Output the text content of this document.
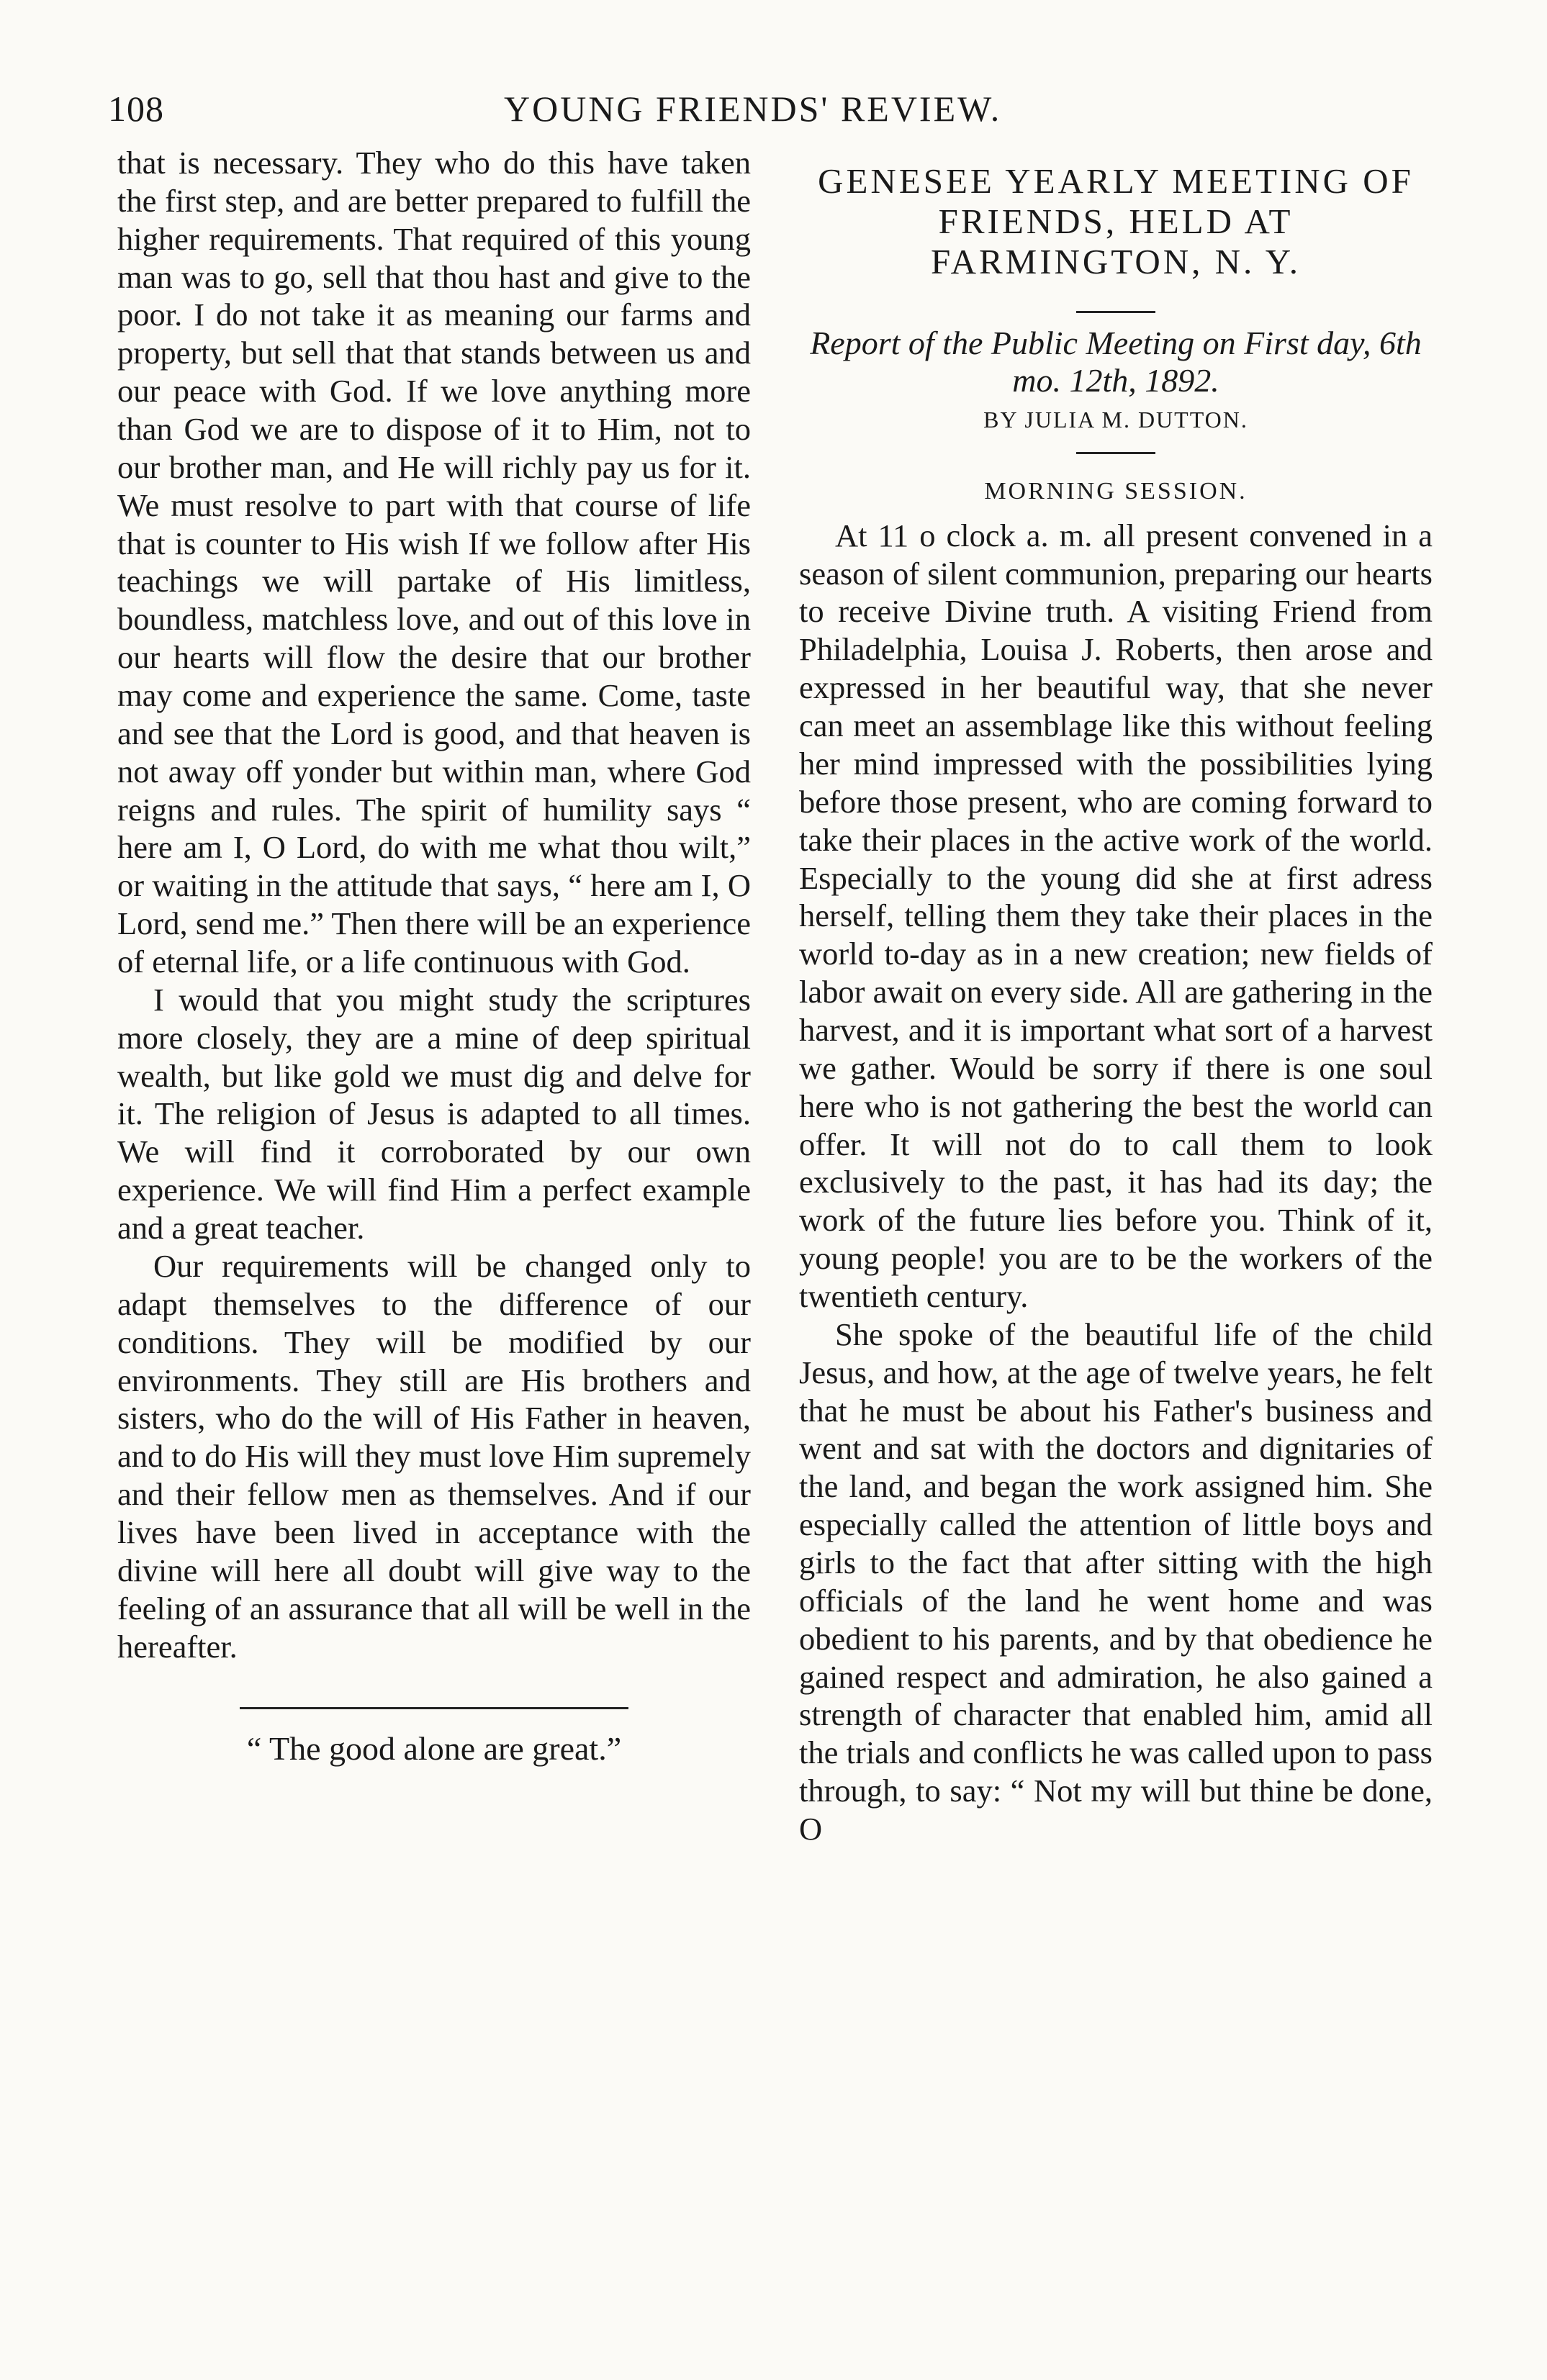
108	YOUNG FRIENDS' REVIEW.

that is necessary. They who do this have taken the first step, and are better prepared to fulfill the higher requirements. That required of this young man was to go, sell that thou hast and give to the poor. I do not take it as meaning our farms and property, but sell that that stands between us and our peace with God. If we love anything more than God we are to dispose of it to Him, not to our brother man, and He will richly pay us for it. We must resolve to part with that course of life that is counter to His wish If we follow after His teachings we will partake of His limitless, boundless, matchless love, and out of this love in our hearts will flow the desire that our brother may come and experience the same. Come, taste and see that the Lord is good, and that heaven is not away off yonder but within man, where God reigns and rules. The spirit of humility says “ here am I, O Lord, do with me what thou wilt,” or waiting in the attitude that says, “ here am I, O Lord, send me.” Then there will be an experience of eternal life, or a life continuous with God.

I would that you might study the scriptures more closely, they are a mine of deep spiritual wealth, but like gold we must dig and delve for it. The religion of Jesus is adapted to all times. We will find it corroborated by our own experience. We will find Him a perfect example and a great teacher.

Our requirements will be changed only to adapt themselves to the difference of our conditions. They will be modified by our environments. They still are His brothers and sisters, who do the will of His Father in heaven, and to do His will they must love Him supremely and their fellow men as themselves. And if our lives have been lived in acceptance with the divine will here all doubt will give way to the feeling of an assurance that all will be well in the hereafter.

“ The good alone are great.”
GENESEE YEARLY MEETING OF FRIENDS, HELD AT FARMINGTON, N. Y.
Report of the Public Meeting on First day, 6th mo. 12th, 1892.
BY JULIA M. DUTTON.
MORNING SESSION.

At 11 o clock a. m. all present convened in a season of silent communion, preparing our hearts to receive Divine truth. A visiting Friend from Philadelphia, Louisa J. Roberts, then arose and expressed in her beautiful way, that she never can meet an assemblage like this without feeling her mind impressed with the possibilities lying before those present, who are coming forward to take their places in the active work of the world. Especially to the young did she at first adress herself, telling them they take their places in the world to-day as in a new creation; new fields of labor await on every side. All are gathering in the harvest, and it is important what sort of a harvest we gather. Would be sorry if there is one soul here who is not gathering the best the world can offer. It will not do to call them to look exclusively to the past, it has had its day; the work of the future lies before you. Think of it, young people! you are to be the workers of the twentieth century.

She spoke of the beautiful life of the child Jesus, and how, at the age of twelve years, he felt that he must be about his Father's business and went and sat with the doctors and dignitaries of the land, and began the work assigned him. She especially called the attention of little boys and girls to the fact that after sitting with the high officials of the land he went home and was obedient to his parents, and by that obedience he gained respect and admiration, he also gained a strength of character that enabled him, amid all the trials and conflicts he was called upon to pass through, to say: “ Not my will but thine be done, O
